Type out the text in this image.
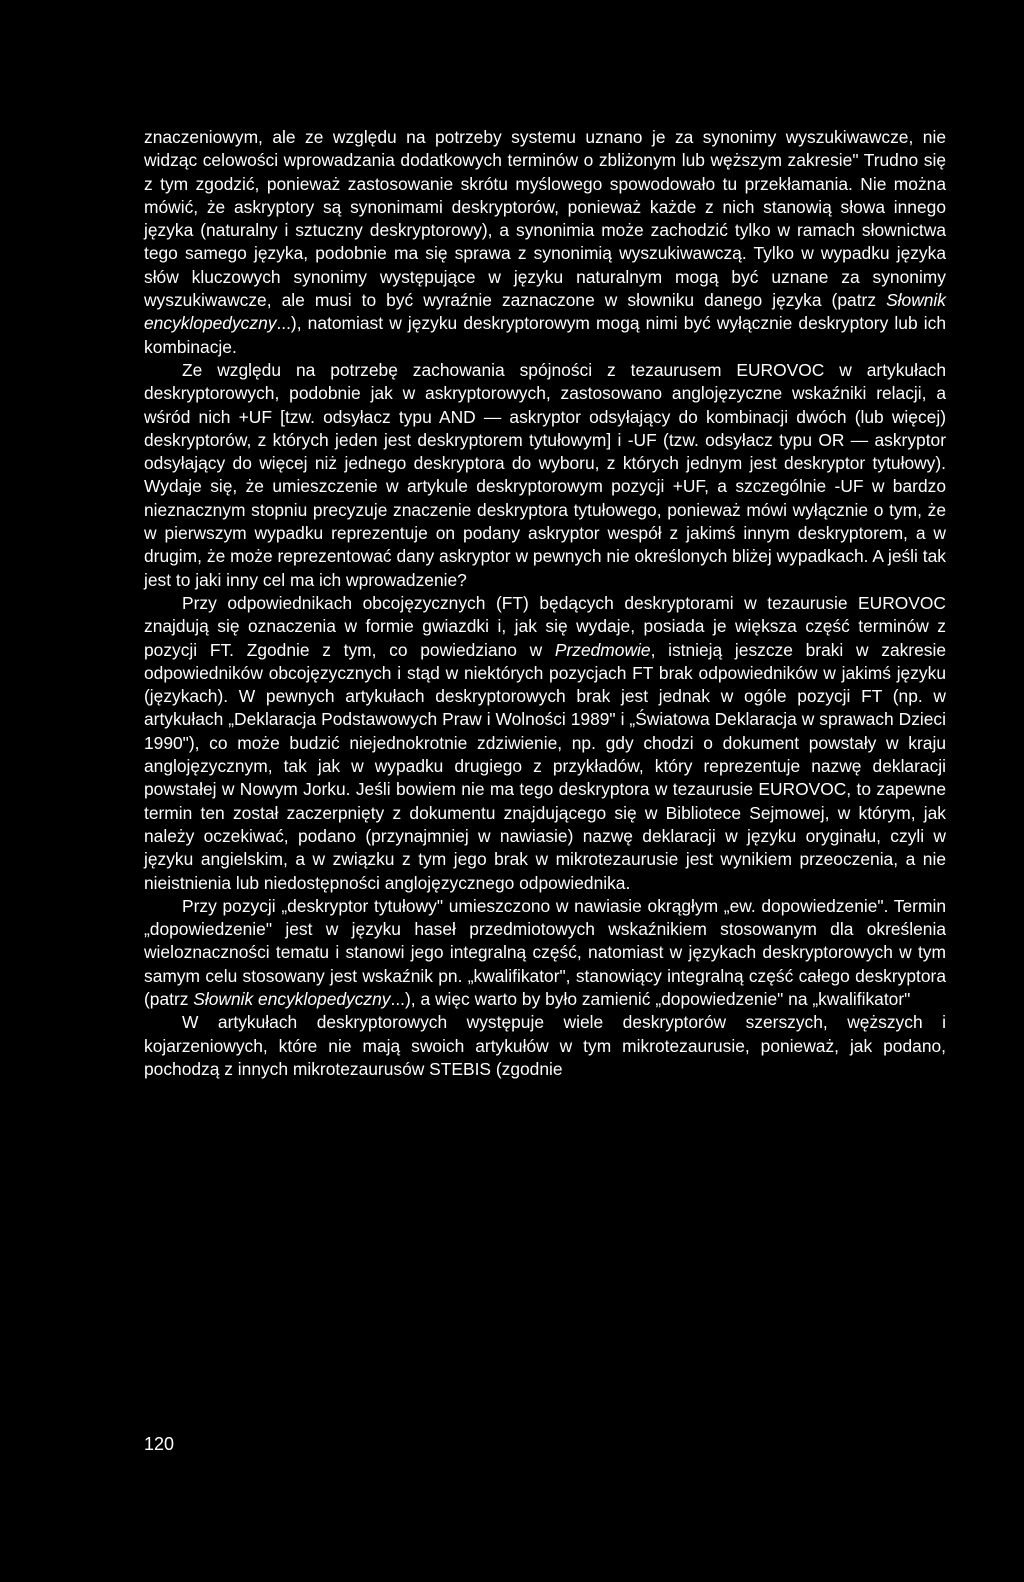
znaczeniowym, ale ze względu na potrzeby systemu uznano je za synonimy wyszukiwawcze, nie widząc celowości wprowadzania dodatkowych terminów o zbliżonym lub węższym zakresie" Trudno się z tym zgodzić, ponieważ zastosowanie skrótu myślowego spowodowało tu przekłamania. Nie można mówić, że askryptory są synonimami deskryptorów, ponieważ każde z nich stanowią słowa innego języka (naturalny i sztuczny deskryptorowy), a synonimia może zachodzić tylko w ramach słownictwa tego samego języka, podobnie ma się sprawa z synonimią wyszukiwawczą. Tylko w wypadku języka słów kluczowych synonimy występujące w języku naturalnym mogą być uznane za synonimy wyszukiwawcze, ale musi to być wyraźnie zaznaczone w słowniku danego języka (patrz Słownik encyklopedyczny...), natomiast w języku deskryptorowym mogą nimi być wyłącznie deskryptory lub ich kombinacje.

Ze względu na potrzebę zachowania spójności z tezaurusem EUROVOC w artykułach deskryptorowych, podobnie jak w askryptorowych, zastosowano anglojęzyczne wskaźniki relacji, a wśród nich +UF [tzw. odsyłacz typu AND — askryptor odsyłający do kombinacji dwóch (lub więcej) deskryptorów, z których jeden jest deskryptorem tytułowym] i -UF (tzw. odsyłacz typu OR — askryptor odsyłający do więcej niż jednego deskryptora do wyboru, z których jednym jest deskryptor tytułowy). Wydaje się, że umieszczenie w artykule deskryptorowym pozycji +UF, a szczególnie -UF w bardzo nieznacznym stopniu precyzuje znaczenie deskryptora tytułowego, ponieważ mówi wyłącznie o tym, że w pierwszym wypadku reprezentuje on podany askryptor wespół z jakimś innym deskryptorem, a w drugim, że może reprezentować dany askryptor w pewnych nie określonych bliżej wypadkach. A jeśli tak jest to jaki inny cel ma ich wprowadzenie?

Przy odpowiednikach obcojęzycznych (FT) będących deskryptorami w tezaurusie EUROVOC znajdują się oznaczenia w formie gwiazdki i, jak się wydaje, posiada je większa część terminów z pozycji FT. Zgodnie z tym, co powiedziano w Przedmowie, istnieją jeszcze braki w zakresie odpowiedników obcojęzycznych i stąd w niektórych pozycjach FT brak odpowiedników w jakimś języku (językach). W pewnych artykułach deskryptorowych brak jest jednak w ogóle pozycji FT (np. w artykułach „Deklaracja Podstawowych Praw i Wolności 1989" i „Światowa Deklaracja w sprawach Dzieci 1990"), co może budzić niejednokrotnie zdziwienie, np. gdy chodzi o dokument powstały w kraju anglojęzycznym, tak jak w wypadku drugiego z przykładów, który reprezentuje nazwę deklaracji powstałej w Nowym Jorku. Jeśli bowiem nie ma tego deskryptora w tezaurusie EUROVOC, to zapewne termin ten został zaczerpnięty z dokumentu znajdującego się w Bibliotece Sejmowej, w którym, jak należy oczekiwać, podano (przynajmniej w nawiasie) nazwę deklaracji w języku oryginału, czyli w języku angielskim, a w związku z tym jego brak w mikrotezaurusie jest wynikiem przeoczenia, a nie nieistnienia lub niedostępności anglojęzycznego odpowiednika.

Przy pozycji „deskryptor tytułowy" umieszczono w nawiasie okrągłym „ew. dopowiedzenie". Termin „dopowiedzenie" jest w języku haseł przedmiotowych wskaźnikiem stosowanym dla określenia wieloznaczności tematu i stanowi jego integralną część, natomiast w językach deskryptorowych w tym samym celu stosowany jest wskaźnik pn. „kwalifikator", stanowiący integralną część całego deskryptora (patrz Słownik encyklopedyczny...), a więc warto by było zamienić „dopowiedzenie" na „kwalifikator"

W artykułach deskryptorowych występuje wiele deskryptorów szerszych, węższych i kojarzeniowych, które nie mają swoich artykułów w tym mikrotezaurusie, ponieważ, jak podano, pochodzą z innych mikrotezaurusów STEBIS (zgodnie

120
